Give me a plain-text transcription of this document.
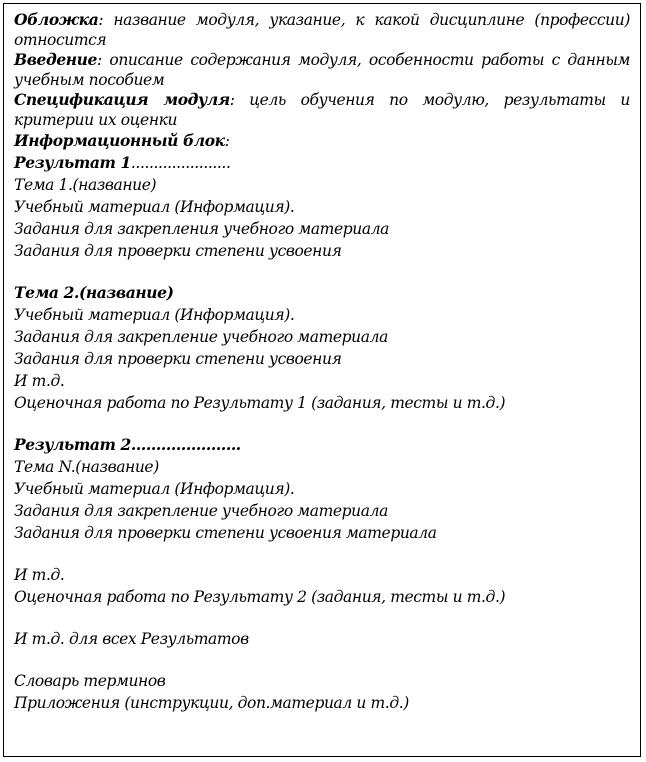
Обложка: название модуля, указание, к какой дисциплине (профессии) относится

Введение: описание содержания модуля, особенности работы с данным учебным пособием

Спецификация модуля: цель обучения по модулю, результаты и критерии их оценки

Информационный блок:

Результат 1......................

Тема 1.(название)

Учебный материал (Информация).

Задания для закрепления учебного материала

Задания для проверки степени усвоения

Тема 2.(название)

Учебный материал (Информация).

Задания для закрепление учебного материала

Задания для проверки степени усвоения

И т.д.

Оценочная работа по Результату 1 (задания, тесты и т.д.)

Результат 2......................

Тема N.(название)

Учебный материал (Информация).

Задания для закрепление учебного материала

Задания для проверки степени усвоения материала

И т.д.

Оценочная работа по Результату 2 (задания, тесты и т.д.)

И т.д. для всех Результатов

Словарь терминов

Приложения (инструкции, доп.материал и т.д.)
